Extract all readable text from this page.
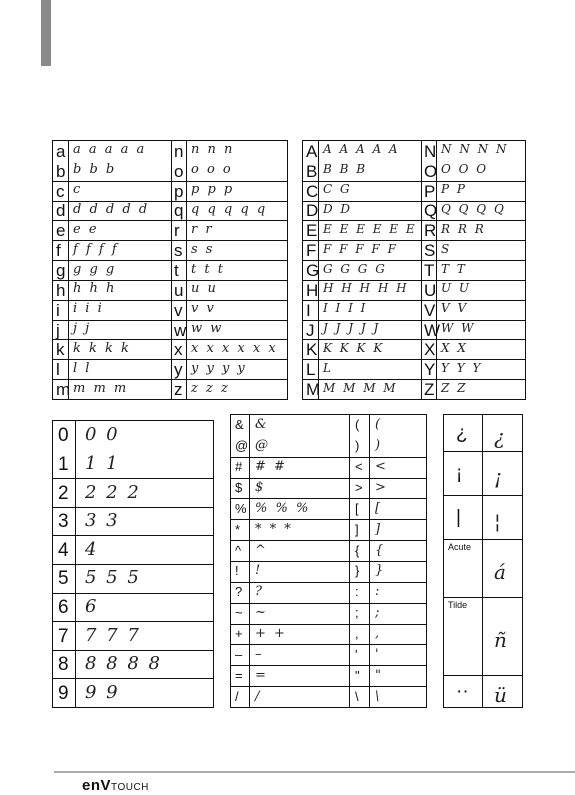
a a a a a a
b b b b
c c
d d d d d d
e e e
f f f f f
g g g g
h h h h
i i i i
j j j
k k k k k
l l l
m m m m
n n n n
o o o o
p p p p
q q q q q q
r r r
s s s
t t t t
u u u
v v v
w w w
x x x x x x x
y y y y y
z z z z
A A A A A A
B B B B
C C G
D D D
E E E E E E E
F F F F F F
G G G G G
H H H H H H
I I I I I
J J J J J J
K K K K K
L L
M M M M M
N N N N N
O O O O
P P P
Q Q Q Q Q
R R R R
S S
T T T
U U U
V V V
W W W
X X X
Y Y Y Y
Z Z Z
0 0 0
1 1 1
2 2 2 2
3 3 3
4 4
5 5 5 5
6 6
7 7 7 7
8 8 8 8 8
9 9 9
& &
@ @
# # #
$ $
% % % %
* * * *
^ ^
! !
? ?
~ ~
+ + +
– –
= =
/ /
( (
) )
< <
> >
[ [
] ]
{ {
} }
: :
; ;
, ,
' '
" "
\ \
¿ ¿
¡ ¡
| ¦
Acute
á
Tilde
ñ
·· ü
enVTOUCH
